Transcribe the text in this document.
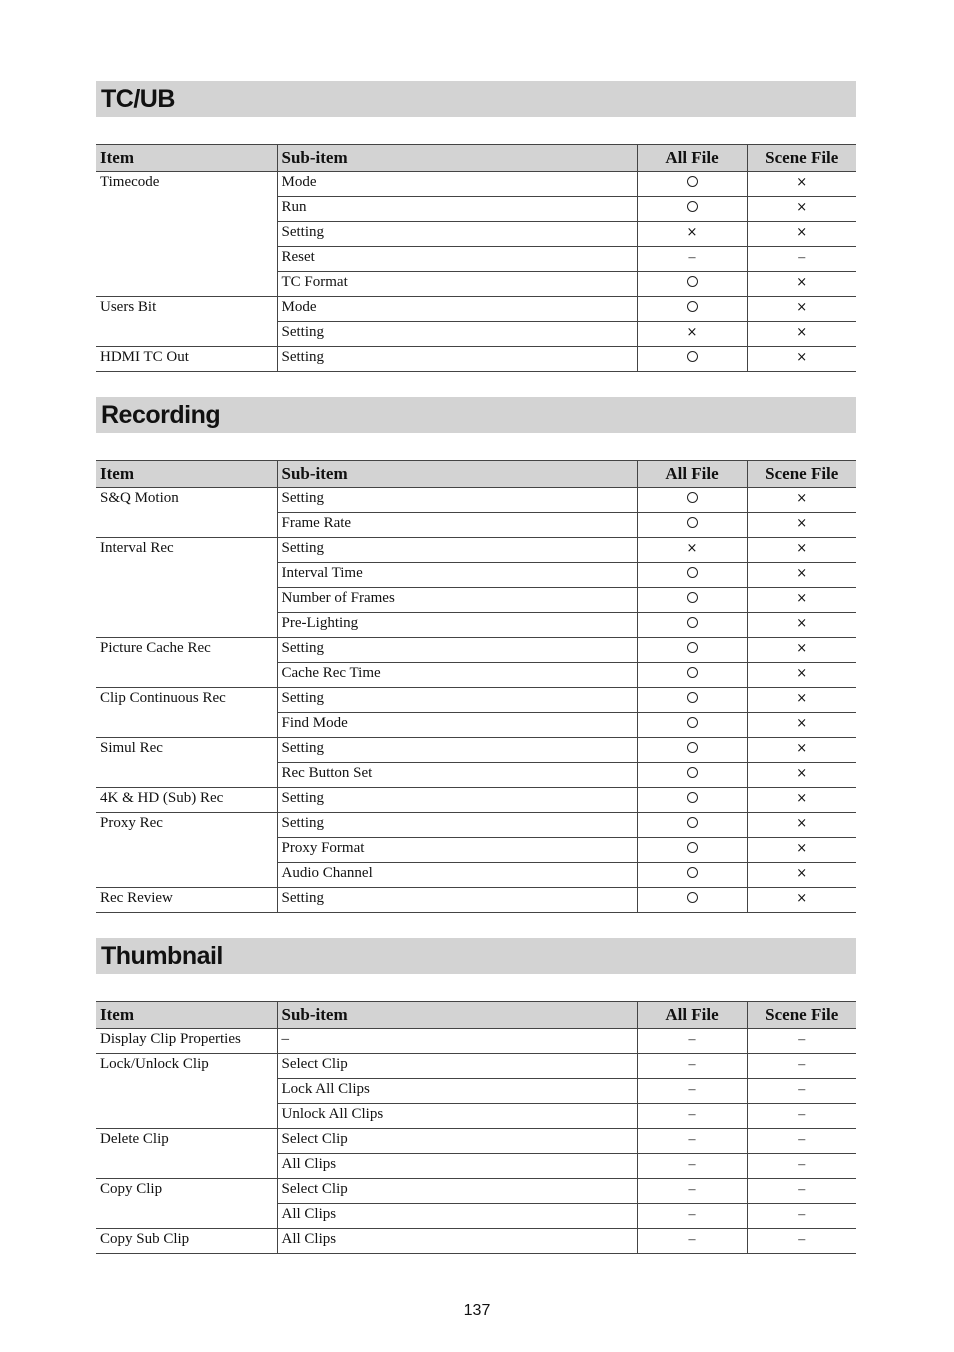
TC/UB
Item	Sub-item	All File	Scene File
Timecode	Mode		×
	Run		×
	Setting	×	×
	Reset	–	–
	TC Format		×
Users Bit	Mode		×
	Setting	×	×
HDMI TC Out	Setting		×
Recording
Item	Sub-item	All File	Scene File
S&Q Motion	Setting		×
	Frame Rate		×
Interval Rec	Setting	×	×
	Interval Time		×
	Number of Frames		×
	Pre-Lighting		×
Picture Cache Rec	Setting		×
	Cache Rec Time		×
Clip Continuous Rec	Setting		×
	Find Mode		×
Simul Rec	Setting		×
	Rec Button Set		×
4K & HD (Sub) Rec	Setting		×
Proxy Rec	Setting		×
	Proxy Format		×
	Audio Channel		×
Rec Review	Setting		×
Thumbnail
Item	Sub-item	All File	Scene File
Display Clip Properties	–	–	–
Lock/Unlock Clip	Select Clip	–	–
	Lock All Clips	–	–
	Unlock All Clips	–	–
Delete Clip	Select Clip	–	–
	All Clips	–	–
Copy Clip	Select Clip	–	–
	All Clips	–	–
Copy Sub Clip	All Clips	–	–
137
